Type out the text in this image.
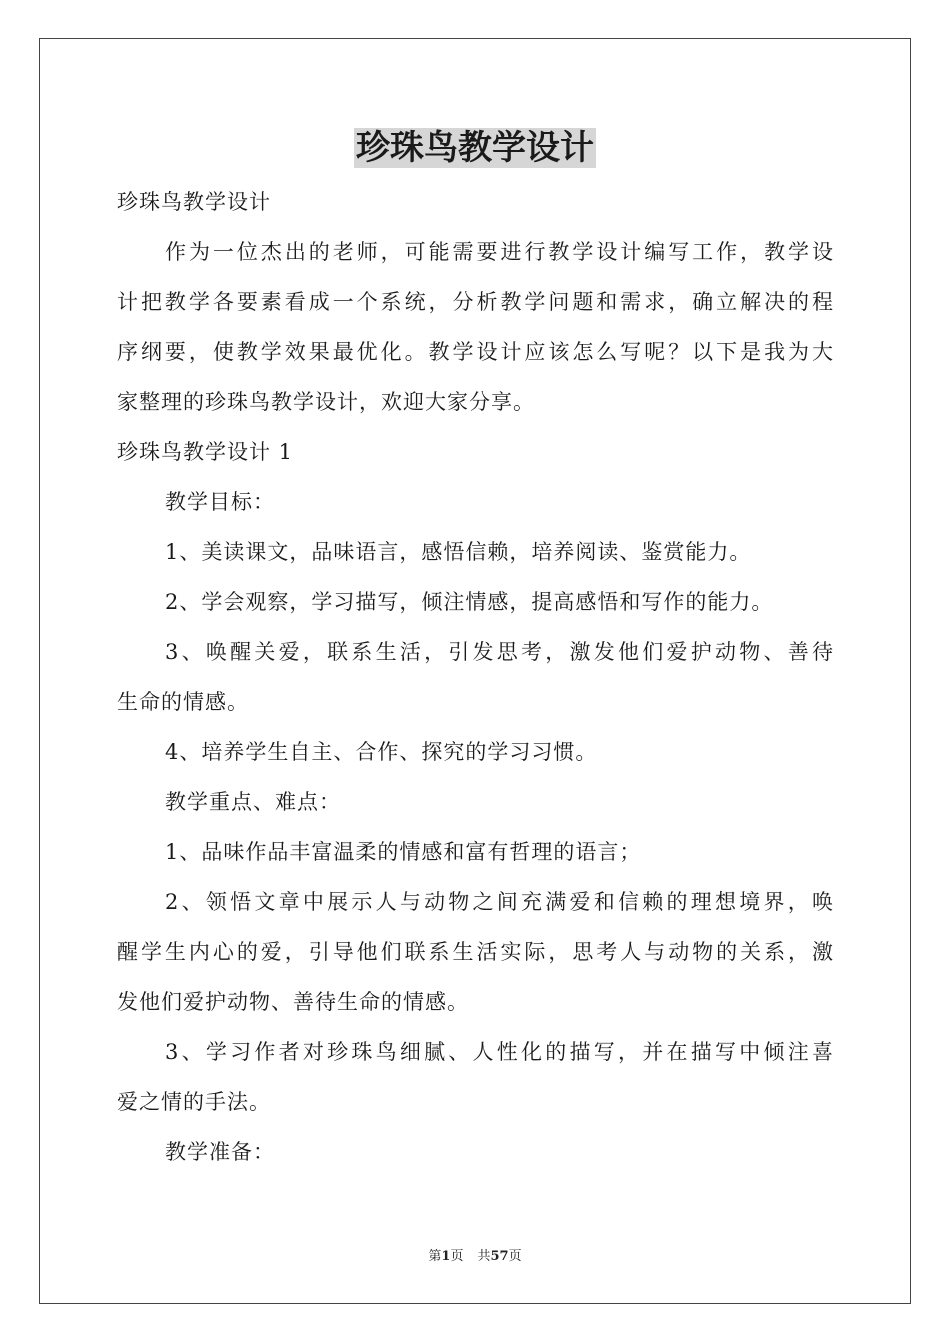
珍珠鸟教学设计
珍珠鸟教学设计
作为一位杰出的老师，可能需要进行教学设计编写工作，教学设
计把教学各要素看成一个系统，分析教学问题和需求，确立解决的程
序纲要，使教学效果最优化。教学设计应该怎么写呢？以下是我为大
家整理的珍珠鸟教学设计，欢迎大家分享。
珍珠鸟教学设计 1
教学目标：
1、美读课文，品味语言，感悟信赖，培养阅读、鉴赏能力。
2、学会观察，学习描写，倾注情感，提高感悟和写作的能力。
3、唤醒关爱，联系生活，引发思考，激发他们爱护动物、善待
生命的情感。
4、培养学生自主、合作、探究的学习习惯。
教学重点、难点：
1、品味作品丰富温柔的情感和富有哲理的语言；
2、领悟文章中展示人与动物之间充满爱和信赖的理想境界，唤
醒学生内心的爱，引导他们联系生活实际，思考人与动物的关系，激
发他们爱护动物、善待生命的情感。
3、学习作者对珍珠鸟细腻、人性化的描写，并在描写中倾注喜
爱之情的手法。
教学准备：
第1页 共57页
